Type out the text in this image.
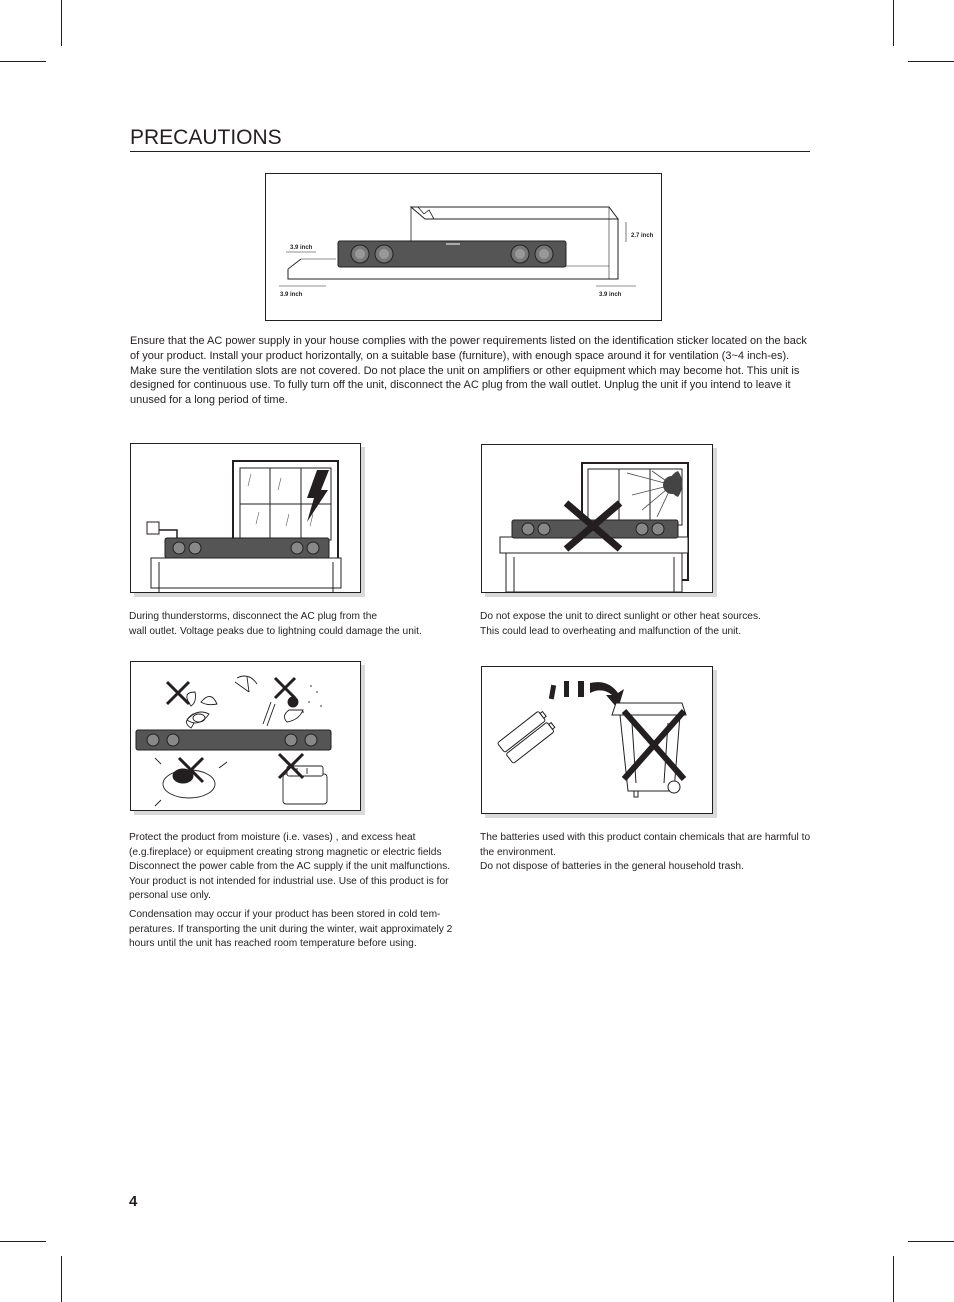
PRECAUTIONS
3.9 inch
3.9 inch	3.9 inch
2.7 inch

Ensure that the AC power supply in your house complies with the power requirements listed on the identification sticker located on the back of your product. Install your product horizontally, on a suitable base (furniture), with enough space around it for ventilation (3~4 inch-es). Make sure the ventilation slots are not covered. Do not place the unit on amplifiers or other equipment which may become hot. This unit is designed for continuous use. To fully turn off the unit, disconnect the AC plug from the wall outlet. Unplug the unit if you intend to leave it unused for a long period of time.

During thunderstorms, disconnect the AC plug from the
wall outlet. Voltage peaks due to lightning could damage the unit.
Do not expose the unit to direct sunlight or other heat sources.
This could lead to overheating and malfunction of the unit.

Protect the product from moisture (i.e. vases) , and excess heat (e.g.fireplace) or equipment creating strong magnetic or electric fields Disconnect the power cable from the AC supply if the unit malfunctions. Your product is not intended for industrial use. Use of this product is for personal use only.

Condensation may occur if your product has been stored in cold tem-peratures. If transporting the unit during the winter, wait approximately 2 hours until the unit has reached room temperature before using.

The batteries used with this product contain chemicals that are harmful to the environment.
Do not dispose of batteries in the general household trash.
4
